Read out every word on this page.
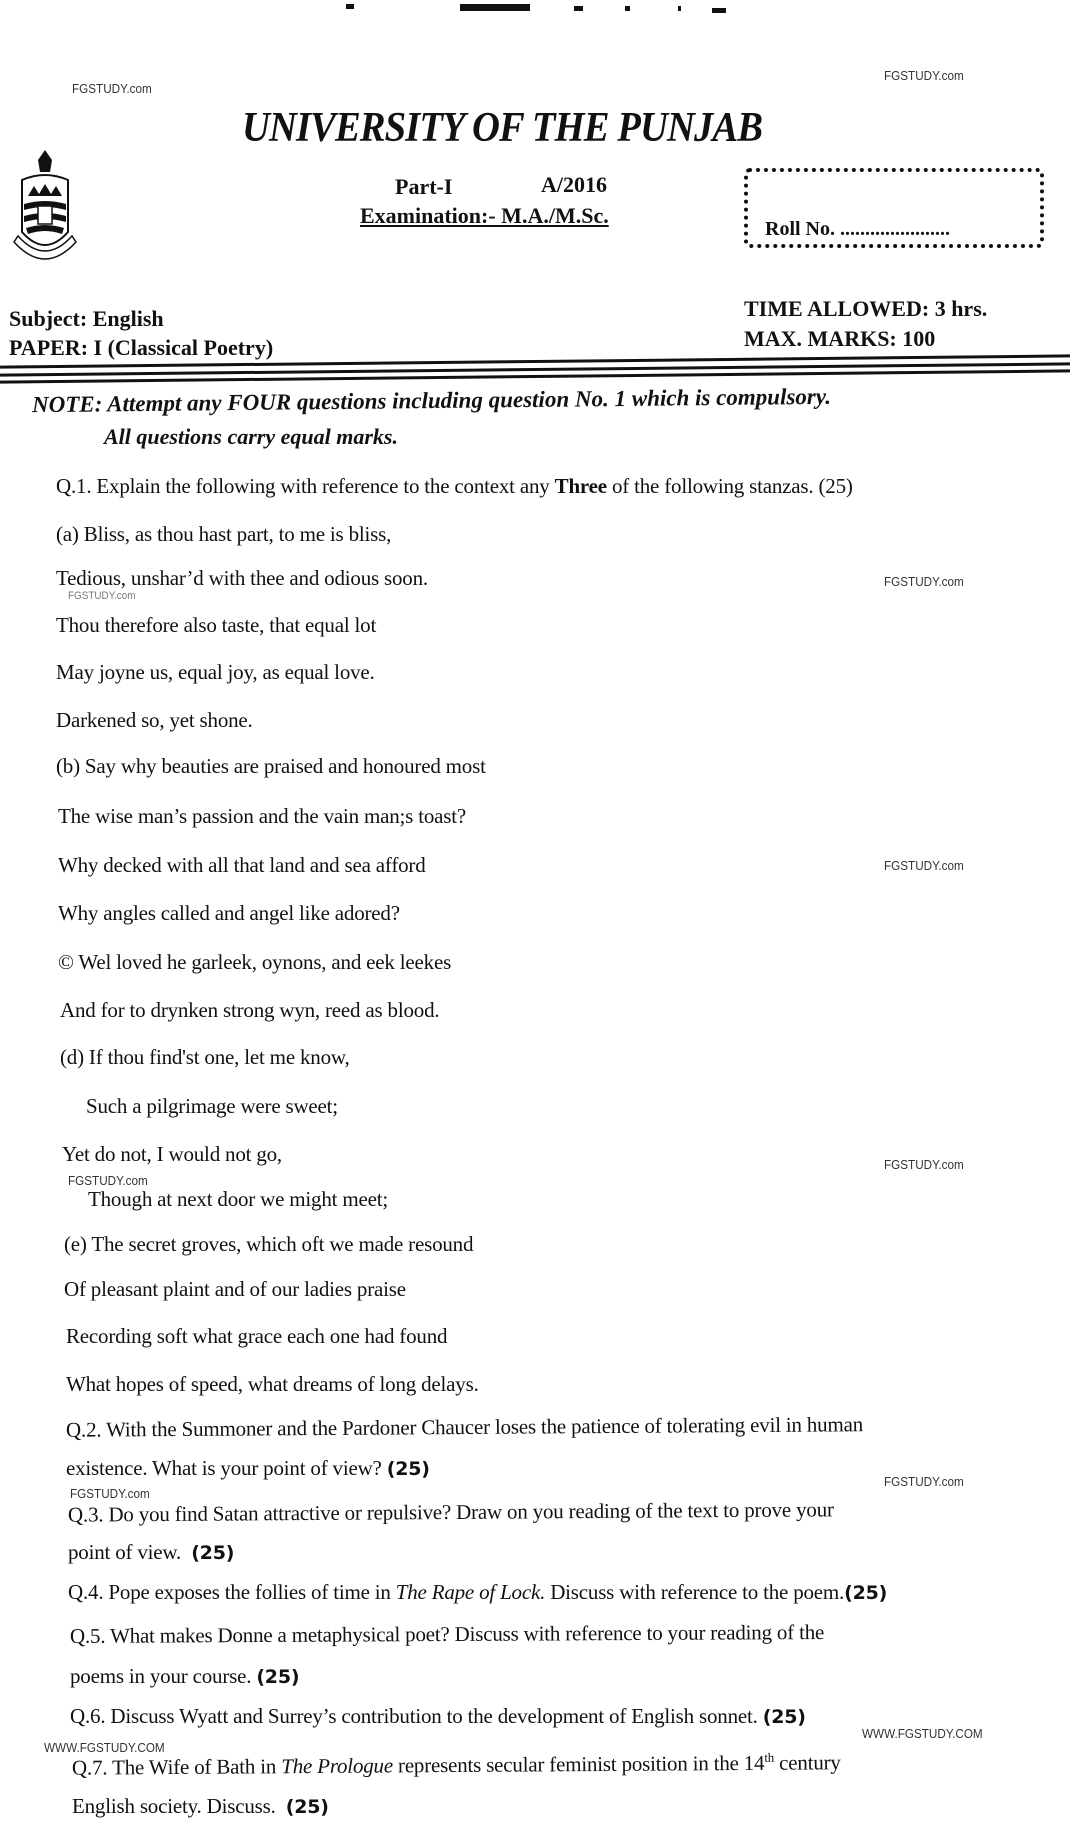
FGSTUDY.com
FGSTUDY.com
UNIVERSITY OF THE PUNJAB
Part-I	A/2016
Examination:- M.A./M.Sc.
Roll No. ......................
Subject: English
PAPER: I (Classical Poetry)
TIME ALLOWED: 3 hrs.
MAX. MARKS: 100
NOTE: Attempt any FOUR questions including question No. 1 which is compulsory.
All questions carry equal marks.
Q.1. Explain the following with reference to the context any Three of the following stanzas. (25)
(a) Bliss, as thou hast part, to me is bliss,
Tedious, unshar’d with thee and odious soon.	FGSTUDY.com
FGSTUDY.com
Thou therefore also taste, that equal lot
May joyne us, equal joy, as equal love.
Darkened so, yet shone.
(b) Say why beauties are praised and honoured most
The wise man’s passion and the vain man;s toast?
Why decked with all that land and sea afford	FGSTUDY.com
Why angles called and angel like adored?
© Wel loved he garleek, oynons, and eek leekes
And for to drynken strong wyn, reed as blood.
(d) If thou find'st one, let me know,
Such a pilgrimage were sweet;
Yet do not, I would not go,	FGSTUDY.com
FGSTUDY.com
Though at next door we might meet;
(e) The secret groves, which oft we made resound
Of pleasant plaint and of our ladies praise
Recording soft what grace each one had found
What hopes of speed, what dreams of long delays.
Q.2. With the Summoner and the Pardoner Chaucer loses the patience of tolerating evil in human
existence. What is your point of view? (25)
FGSTUDY.com
FGSTUDY.com
Q.3. Do you find Satan attractive or repulsive? Draw on you reading of the text to prove your
point of view. (25)
Q.4. Pope exposes the follies of time in The Rape of Lock. Discuss with reference to the poem.(25)
Q.5. What makes Donne a metaphysical poet? Discuss with reference to your reading of the
poems in your course. (25)
Q.6. Discuss Wyatt and Surrey’s contribution to the development of English sonnet. (25)
WWW.FGSTUDY.COM
WWW.FGSTUDY.COM
Q.7. The Wife of Bath in The Prologue represents secular feminist position in the 14th century
English society. Discuss. (25)
